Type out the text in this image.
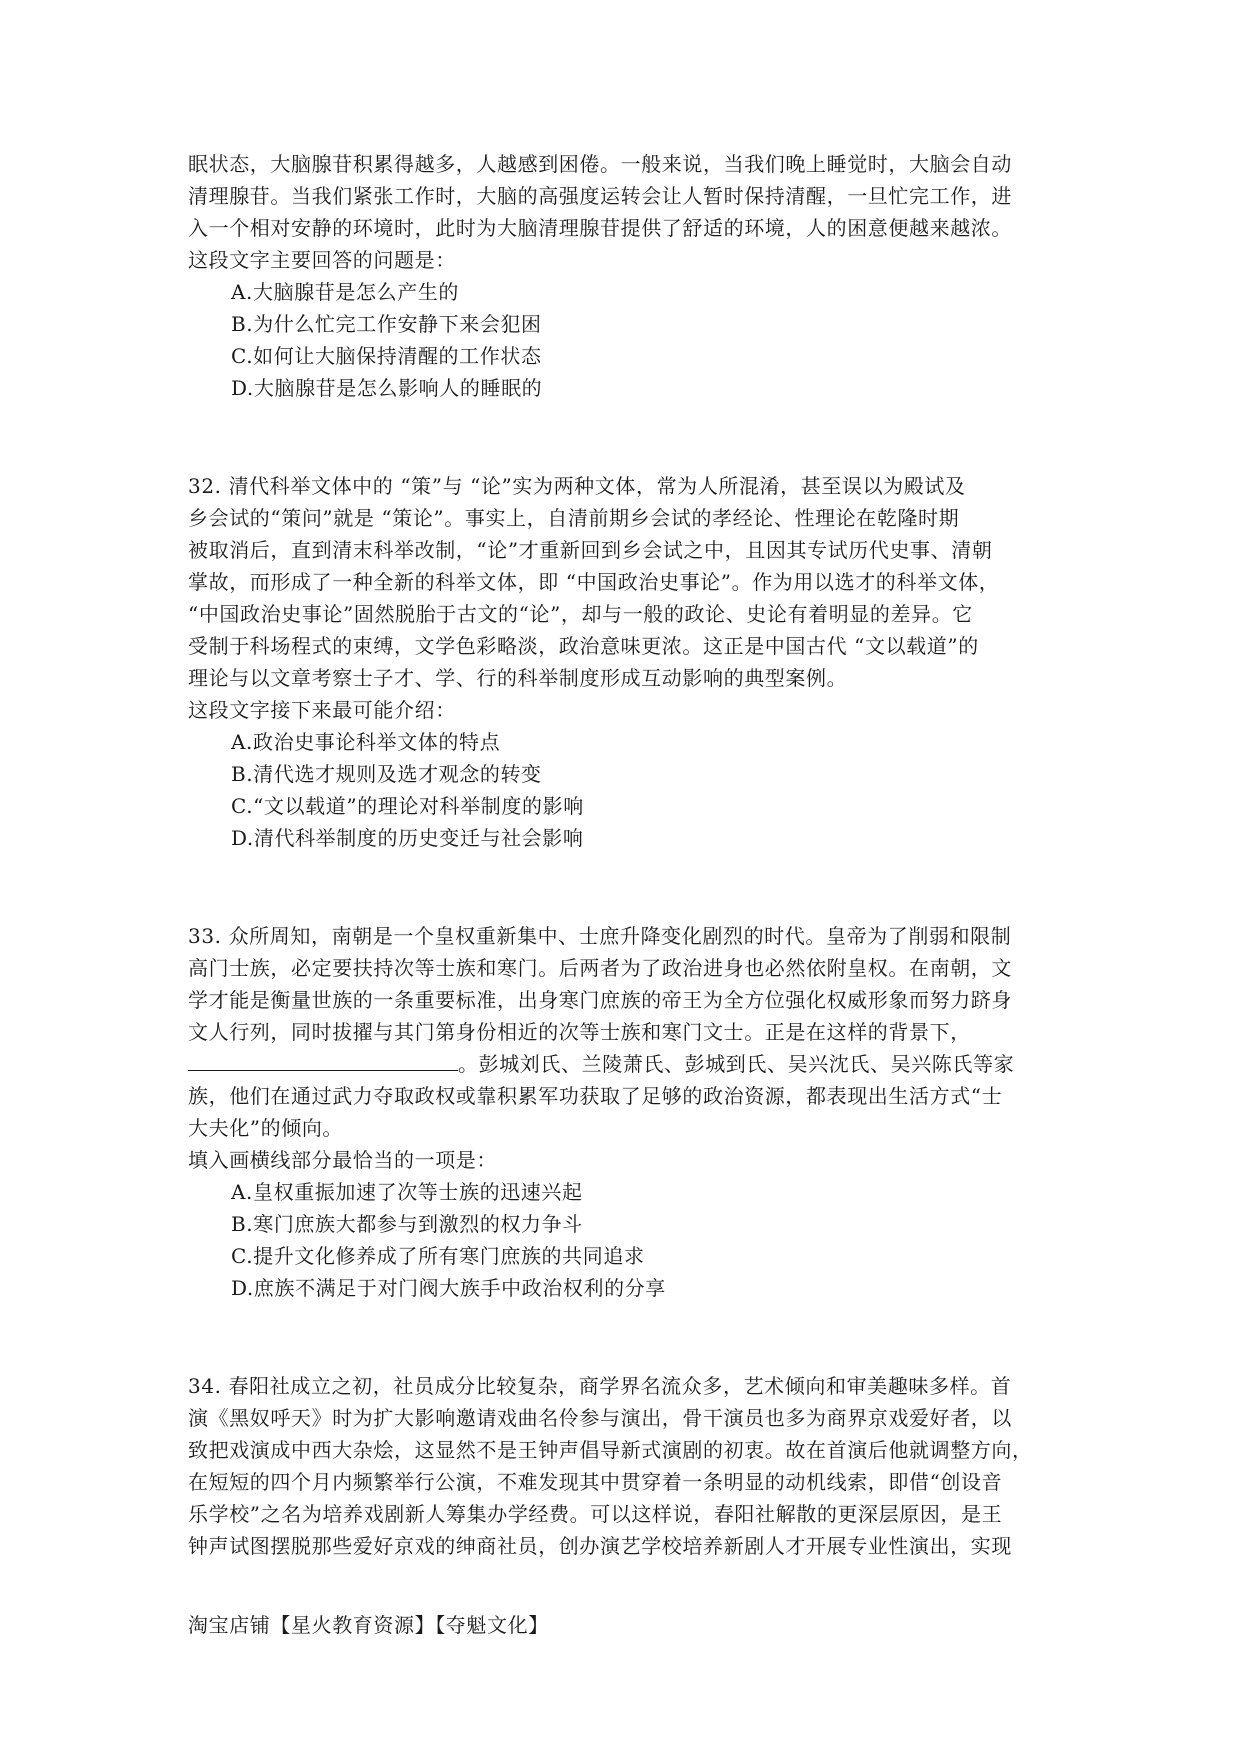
眠状态，大脑腺苷积累得越多，人越感到困倦。一般来说，当我们晚上睡觉时，大脑会自动
清理腺苷。当我们紧张工作时，大脑的高强度运转会让人暂时保持清醒，一旦忙完工作，进
入一个相对安静的环境时，此时为大脑清理腺苷提供了舒适的环境，人的困意便越来越浓。
这段文字主要回答的问题是：
A.大脑腺苷是怎么产生的
B.为什么忙完工作安静下来会犯困
C.如何让大脑保持清醒的工作状态
D.大脑腺苷是怎么影响人的睡眠的
32. 清代科举文体中的 “策”与 “论”实为两种文体，常为人所混淆，甚至误以为殿试及
乡会试的“策问”就是 “策论”。事实上，自清前期乡会试的孝经论、性理论在乾隆时期
被取消后，直到清末科举改制，“论”才重新回到乡会试之中，且因其专试历代史事、清朝
掌故，而形成了一种全新的科举文体，即 “中国政治史事论”。作为用以选才的科举文体，
“中国政治史事论”固然脱胎于古文的“论”，却与一般的政论、史论有着明显的差异。它
受制于科场程式的束缚，文学色彩略淡，政治意味更浓。这正是中国古代 “文以载道”的
理论与以文章考察士子才、学、行的科举制度形成互动影响的典型案例。
这段文字接下来最可能介绍：
A.政治史事论科举文体的特点
B.清代选才规则及选才观念的转变
C.“文以载道”的理论对科举制度的影响
D.清代科举制度的历史变迁与社会影响
33. 众所周知，南朝是一个皇权重新集中、士庶升降变化剧烈的时代。皇帝为了削弱和限制
高门士族，必定要扶持次等士族和寒门。后两者为了政治进身也必然依附皇权。在南朝，文
学才能是衡量世族的一条重要标准，出身寒门庶族的帝王为全方位强化权威形象而努力跻身
文人行列，同时拔擢与其门第身份相近的次等士族和寒门文士。正是在这样的背景下，
。彭城刘氏、兰陵萧氏、彭城到氏、吴兴沈氏、吴兴陈氏等家
族，他们在通过武力夺取政权或靠积累军功获取了足够的政治资源，都表现出生活方式“士
大夫化”的倾向。
填入画横线部分最恰当的一项是：
A.皇权重振加速了次等士族的迅速兴起
B.寒门庶族大都参与到激烈的权力争斗
C.提升文化修养成了所有寒门庶族的共同追求
D.庶族不满足于对门阀大族手中政治权利的分享
34. 春阳社成立之初，社员成分比较复杂，商学界名流众多，艺术倾向和审美趣味多样。首
演《黑奴呼天》时为扩大影响邀请戏曲名伶参与演出，骨干演员也多为商界京戏爱好者，以
致把戏演成中西大杂烩，这显然不是王钟声倡导新式演剧的初衷。故在首演后他就调整方向，
在短短的四个月内频繁举行公演，不难发现其中贯穿着一条明显的动机线索，即借“创设音
乐学校”之名为培养戏剧新人筹集办学经费。可以这样说，春阳社解散的更深层原因，是王
钟声试图摆脱那些爱好京戏的绅商社员，创办演艺学校培养新剧人才开展专业性演出，实现
淘宝店铺【星火教育资源】【夺魁文化】
